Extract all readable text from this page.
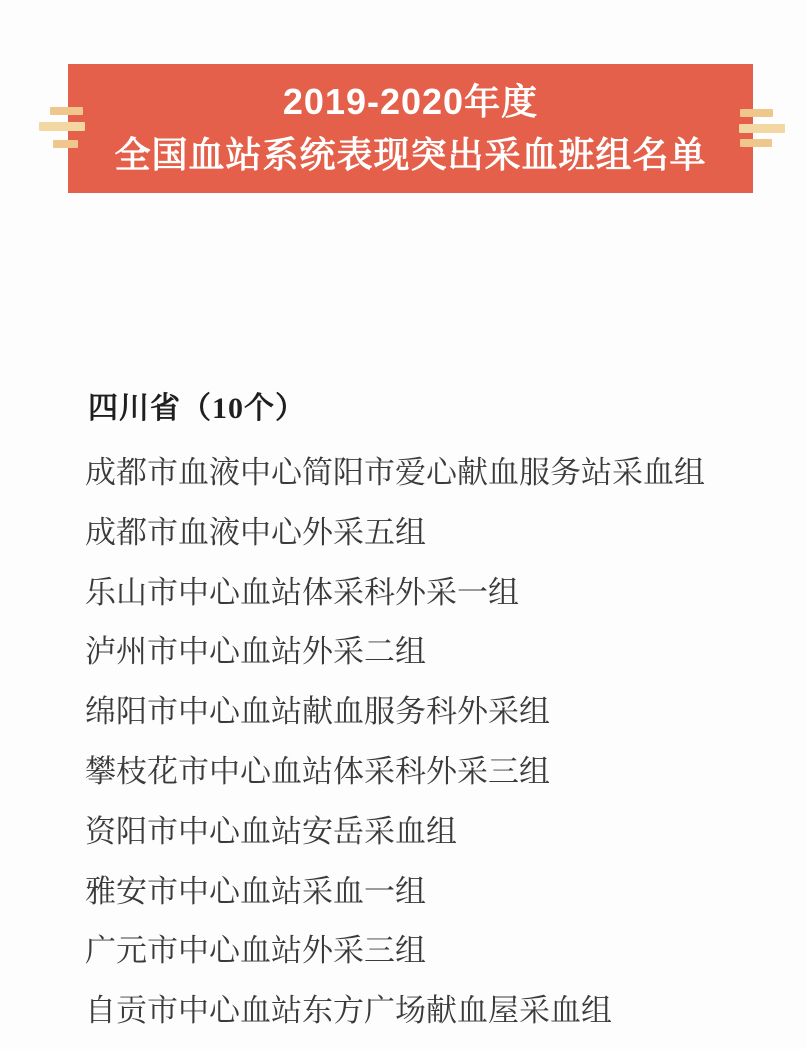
2019-2020年度
全国血站系统表现突出采血班组名单
四川省（10个）
成都市血液中心简阳市爱心献血服务站采血组
成都市血液中心外采五组
乐山市中心血站体采科外采一组
泸州市中心血站外采二组
绵阳市中心血站献血服务科外采组
攀枝花市中心血站体采科外采三组
资阳市中心血站安岳采血组
雅安市中心血站采血一组
广元市中心血站外采三组
自贡市中心血站东方广场献血屋采血组
